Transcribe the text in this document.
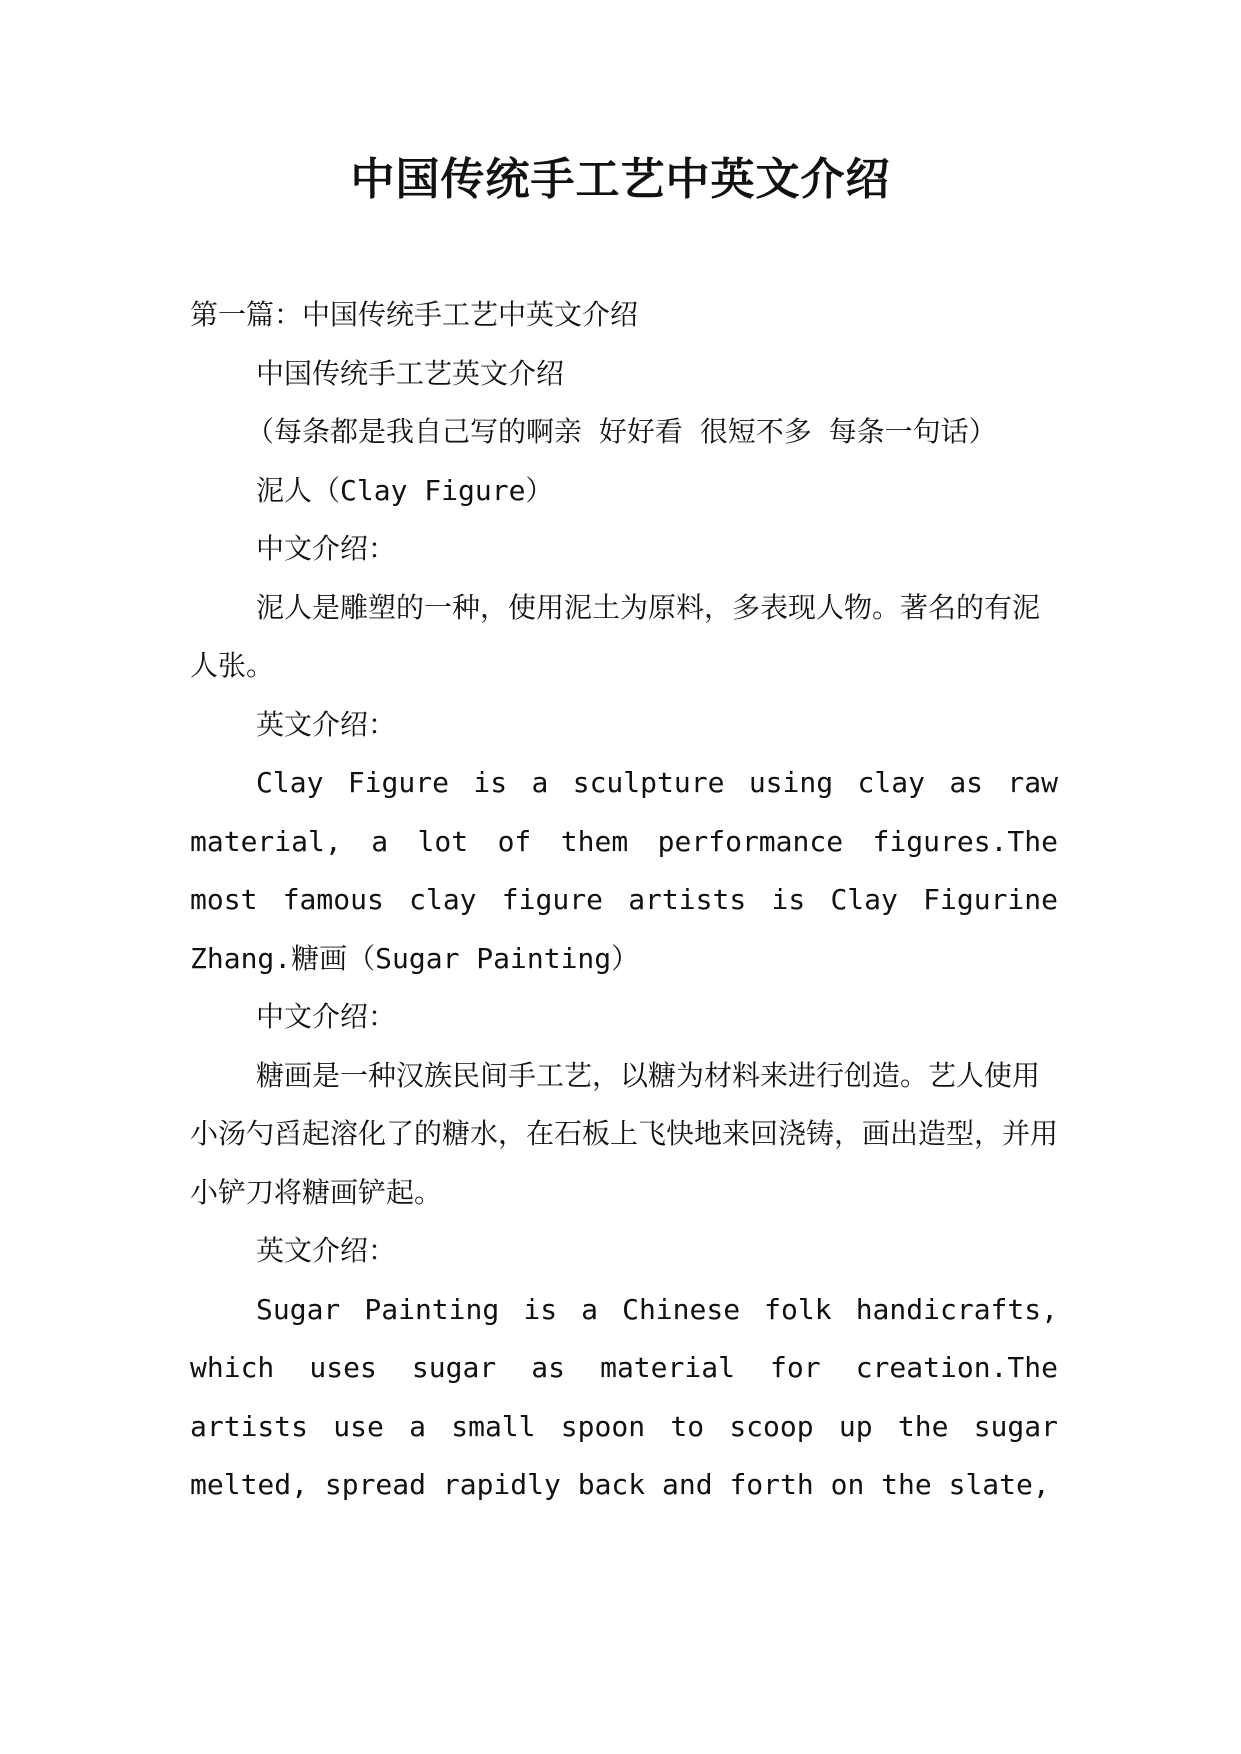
中国传统手工艺中英文介绍

第一篇：中国传统手工艺中英文介绍

中国传统手工艺英文介绍

（每条都是我自己写的啊亲 好好看 很短不多 每条一句话）

泥人（Clay Figure）

中文介绍：

泥人是雕塑的一种，使用泥土为原料，多表现人物。著名的有泥人张。

英文介绍：

Clay Figure is a sculpture using clay as raw material, a lot of them performance figures.The most famous clay figure artists is Clay Figurine Zhang.糖画（Sugar Painting）

中文介绍：

糖画是一种汉族民间手工艺，以糖为材料来进行创造。艺人使用小汤勺舀起溶化了的糖水，在石板上飞快地来回浇铸，画出造型，并用小铲刀将糖画铲起。

英文介绍：

Sugar Painting is a Chinese folk handicrafts, which uses sugar as material for creation.The artists use a small spoon to scoop up the sugar melted, spread rapidly back and forth on the slate,
